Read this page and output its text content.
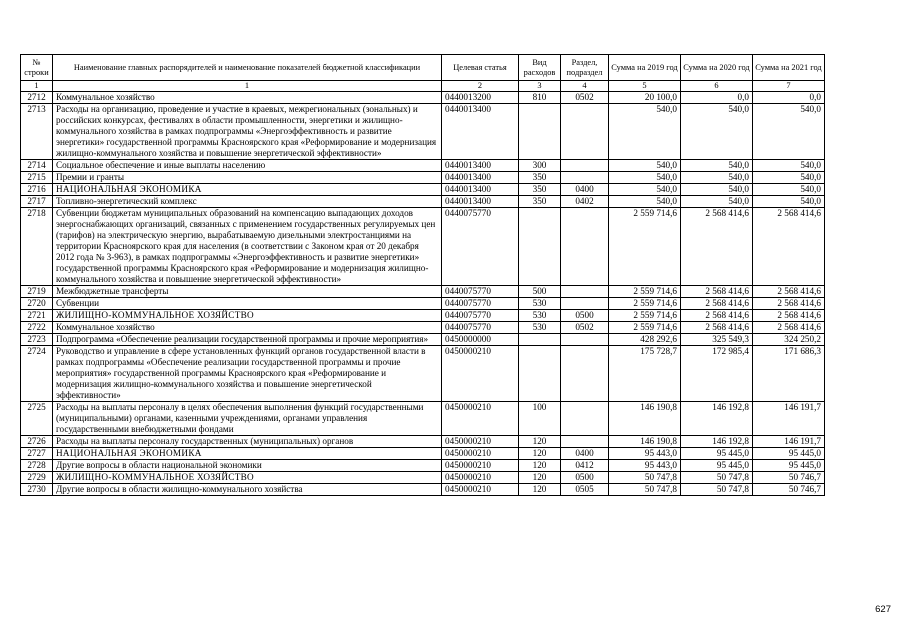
№ строки	Наименование главных распорядителей и наименование показателей бюджетной классификации	Целевая статья	Вид расходов	Раздел, подраздел	Сумма на 2019 год	Сумма на 2020 год	Сумма на 2021 год
1	1	2	3	4	5	6	7
2712	Коммунальное хозяйство	0440013200	810	0502	20 100,0	0,0	0,0
2713	Расходы на организацию, проведение и участие в краевых, межрегиональных (зональных) и российских конкурсах, фестивалях в области промышленности, энергетики и жилищно-коммунального хозяйства в рамках подпрограммы «Энергоэффективность и развитие энергетики» государственной программы Красноярского края «Реформирование и модернизация жилищно-коммунального хозяйства и повышение энергетической эффективности»	0440013400			540,0	540,0	540,0
2714	Социальное обеспечение и иные выплаты населению	0440013400	300		540,0	540,0	540,0
2715	Премии и гранты	0440013400	350		540,0	540,0	540,0
2716	НАЦИОНАЛЬНАЯ ЭКОНОМИКА	0440013400	350	0400	540,0	540,0	540,0
2717	Топливно-энергетический комплекс	0440013400	350	0402	540,0	540,0	540,0
2718	Субвенции бюджетам муниципальных образований на компенсацию выпадающих доходов энергоснабжающих организаций, связанных с применением государственных регулируемых цен (тарифов) на электрическую энергию, вырабатываемую дизельными электростанциями на территории Красноярского края для населения (в соответствии с Законом края от 20 декабря 2012 года № 3-963), в рамках подпрограммы «Энергоэффективность и развитие энергетики» государственной программы Красноярского края «Реформирование и модернизация жилищно-коммунального хозяйства и повышение энергетической эффективности»	0440075770			2 559 714,6	2 568 414,6	2 568 414,6
2719	Межбюджетные трансферты	0440075770	500		2 559 714,6	2 568 414,6	2 568 414,6
2720	Субвенции	0440075770	530		2 559 714,6	2 568 414,6	2 568 414,6
2721	ЖИЛИЩНО-КОММУНАЛЬНОЕ ХОЗЯЙСТВО	0440075770	530	0500	2 559 714,6	2 568 414,6	2 568 414,6
2722	Коммунальное хозяйство	0440075770	530	0502	2 559 714,6	2 568 414,6	2 568 414,6
2723	Подпрограмма «Обеспечение реализации государственной программы и прочие мероприятия»	0450000000			428 292,6	325 549,3	324 250,2
2724	Руководство и управление в сфере установленных функций органов государственной власти в рамках подпрограммы «Обеспечение реализации государственной программы и прочие мероприятия» государственной программы Красноярского края «Реформирование и модернизация жилищно-коммунального хозяйства и повышение энергетической эффективности»	0450000210			175 728,7	172 985,4	171 686,3
2725	Расходы на выплаты персоналу в целях обеспечения выполнения функций государственными (муниципальными) органами, казенными учреждениями, органами управления государственными внебюджетными фондами	0450000210	100		146 190,8	146 192,8	146 191,7
2726	Расходы на выплаты персоналу государственных (муниципальных) органов	0450000210	120		146 190,8	146 192,8	146 191,7
2727	НАЦИОНАЛЬНАЯ ЭКОНОМИКА	0450000210	120	0400	95 443,0	95 445,0	95 445,0
2728	Другие вопросы в области национальной экономики	0450000210	120	0412	95 443,0	95 445,0	95 445,0
2729	ЖИЛИЩНО-КОММУНАЛЬНОЕ ХОЗЯЙСТВО	0450000210	120	0500	50 747,8	50 747,8	50 746,7
2730	Другие вопросы в области жилищно-коммунального хозяйства	0450000210	120	0505	50 747,8	50 747,8	50 746,7
627
